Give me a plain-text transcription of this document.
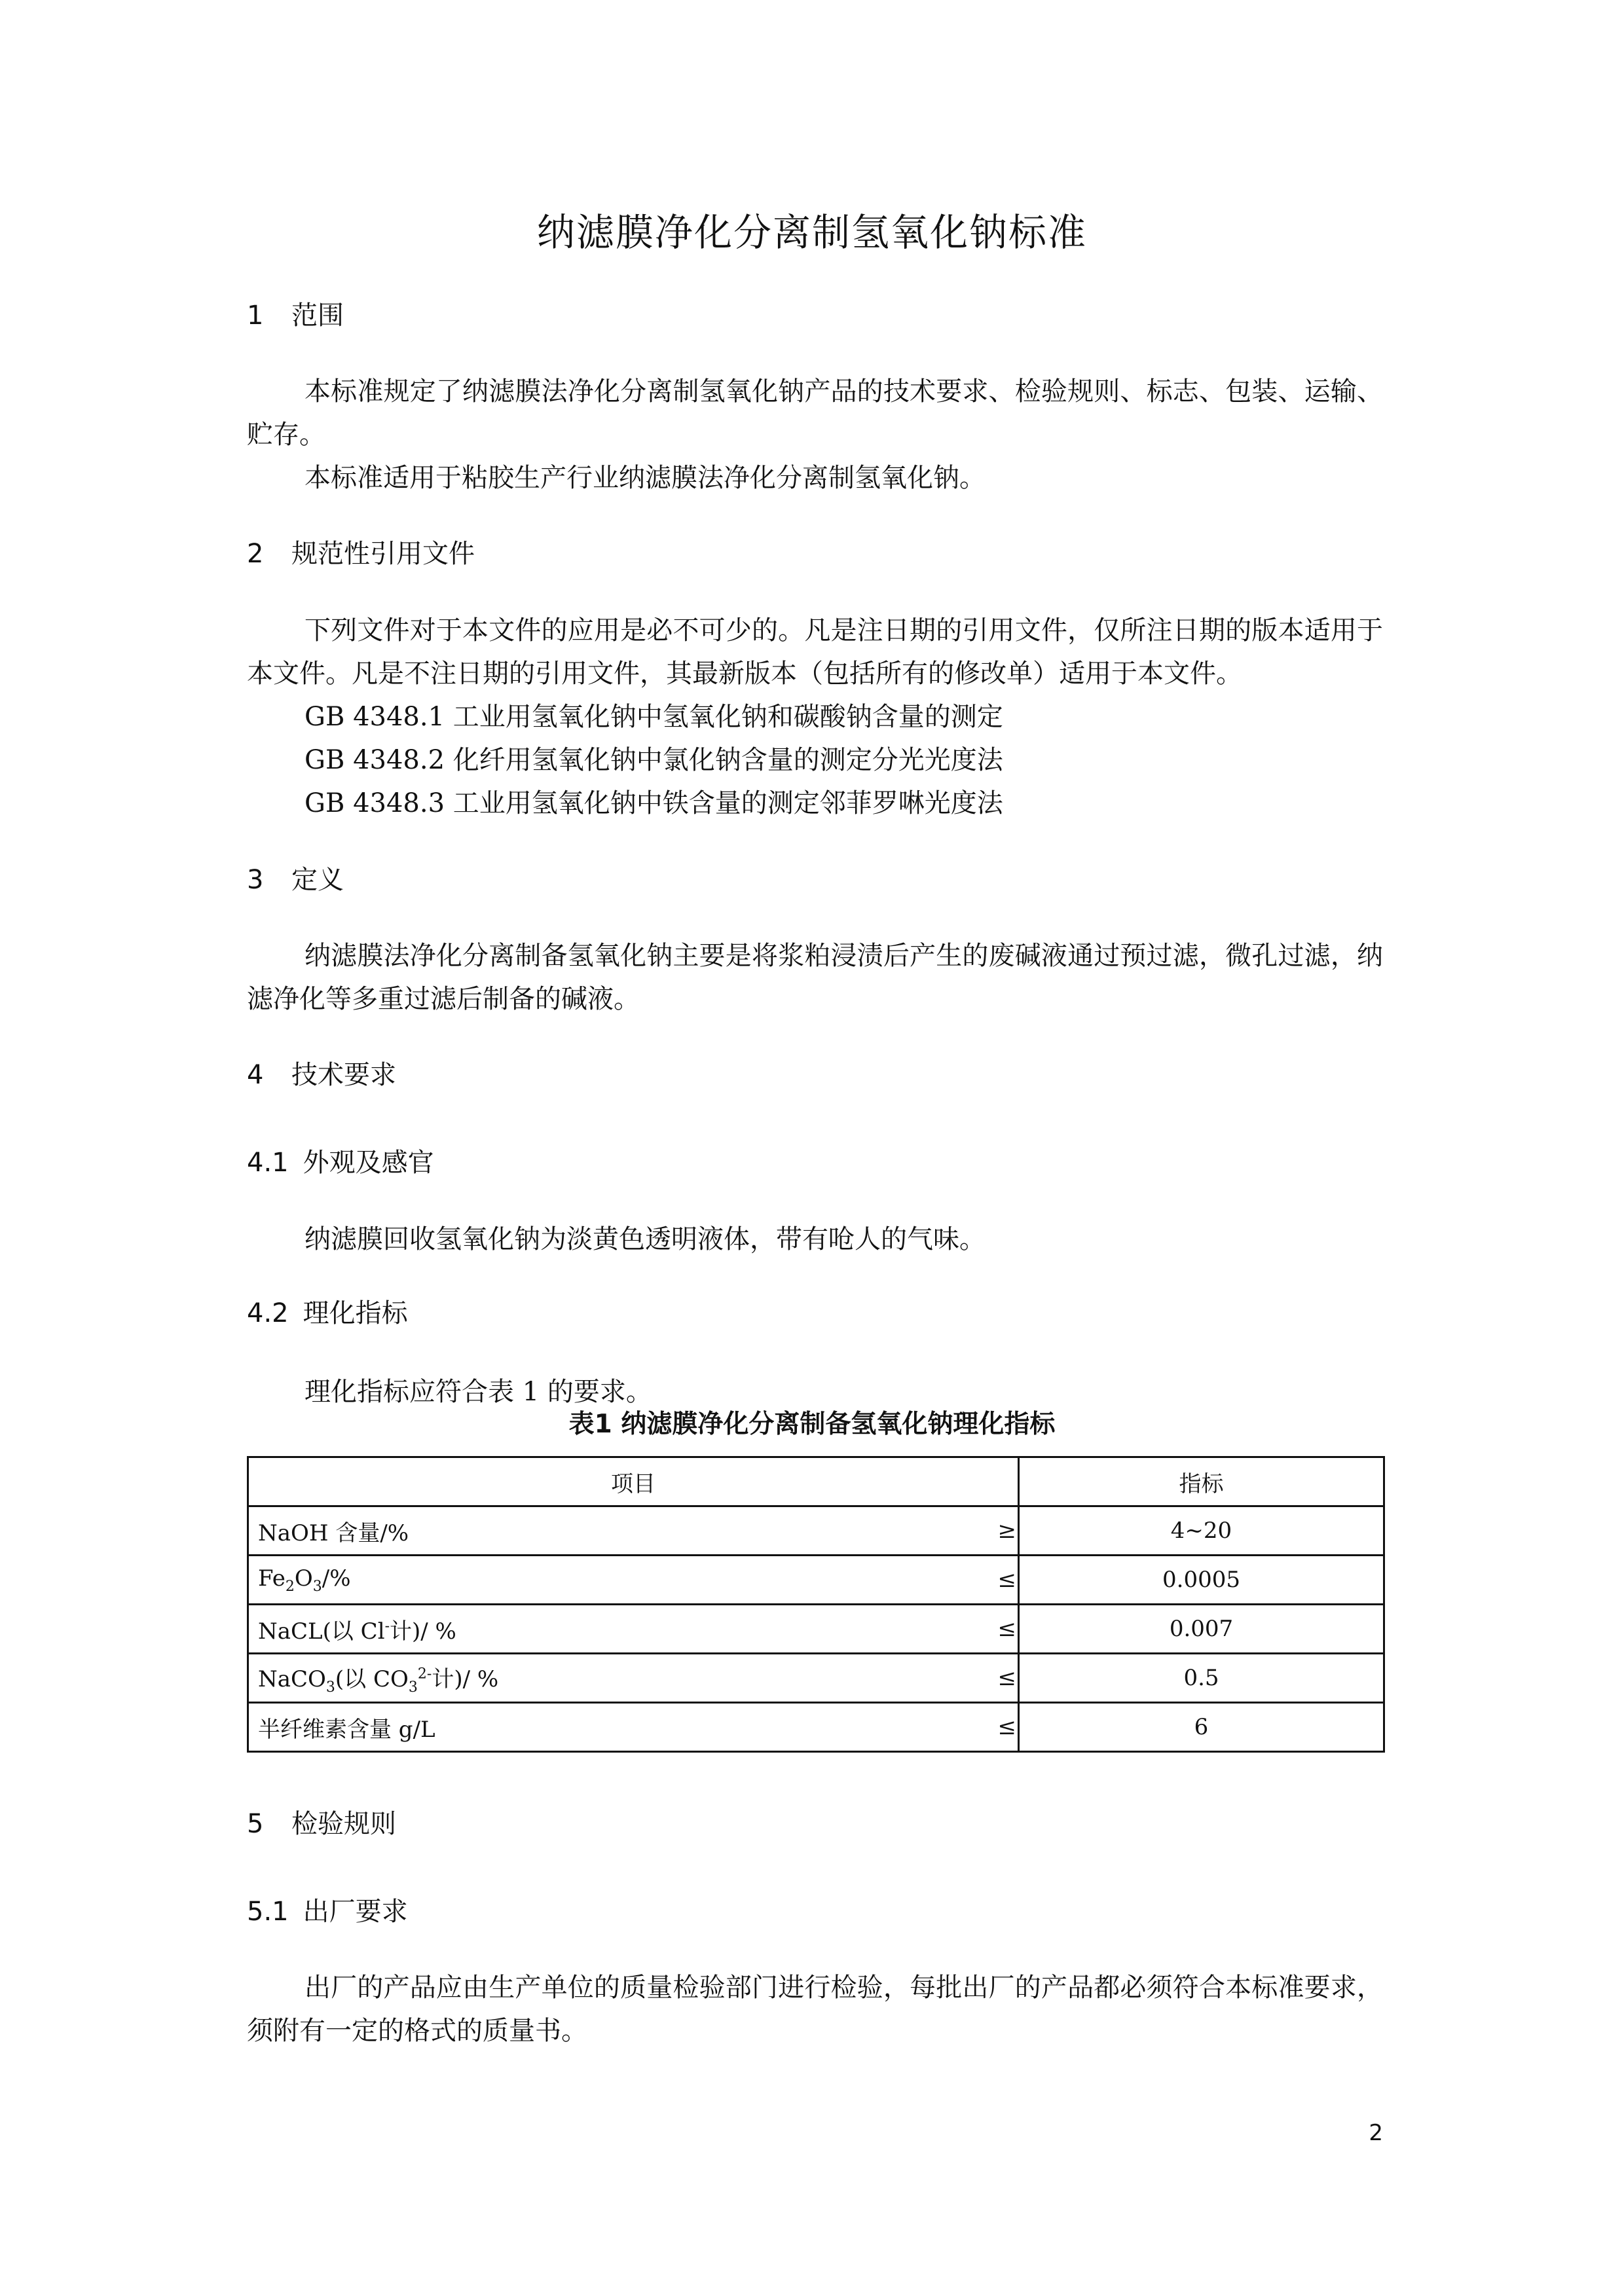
纳滤膜净化分离制氢氧化钠标准
1 范围
本标准规定了纳滤膜法净化分离制氢氧化钠产品的技术要求、检验规则、标志、包装、运输、贮存。
本标准适用于粘胶生产行业纳滤膜法净化分离制氢氧化钠。
2 规范性引用文件
下列文件对于本文件的应用是必不可少的。凡是注日期的引用文件，仅所注日期的版本适用于本文件。凡是不注日期的引用文件，其最新版本（包括所有的修改单）适用于本文件。
GB 4348.1 工业用氢氧化钠中氢氧化钠和碳酸钠含量的测定
GB 4348.2 化纤用氢氧化钠中氯化钠含量的测定分光光度法
GB 4348.3 工业用氢氧化钠中铁含量的测定邻菲罗啉光度法
3 定义
纳滤膜法净化分离制备氢氧化钠主要是将浆粕浸渍后产生的废碱液通过预过滤，微孔过滤，纳滤净化等多重过滤后制备的碱液。
4 技术要求
4.1 外观及感官
纳滤膜回收氢氧化钠为淡黄色透明液体，带有呛人的气味。
4.2 理化指标
理化指标应符合表 1 的要求。
表1 纳滤膜净化分离制备氢氧化钠理化指标
项目		指标
NaOH 含量/%	≥	4~20
$Fe_2O_3/\%$	≤	0.0005
NaCL(以 Cl-计)/ %	≤	0.007
NaCO$_3$(以 $CO_3^{2-}$计)/ %	≤	0.5
半纤维素含量 g/L	≤	6
5 检验规则
5.1 出厂要求
出厂的产品应由生产单位的质量检验部门进行检验，每批出厂的产品都必须符合本标准要求，须附有一定的格式的质量书。
2
